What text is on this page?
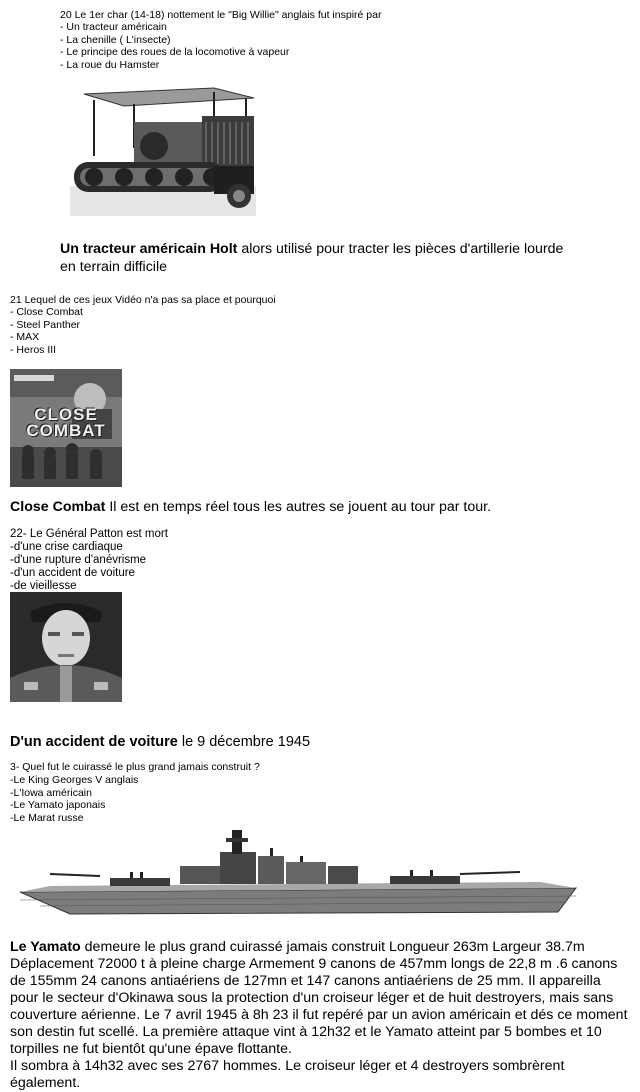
20 Le 1er char (14-18) nottement le "Big Willie" anglais fut inspiré par
- Un tracteur américain
- La chenille ( L'insecte)
- Le principe des roues de la locomotive à vapeur
- La roue du Hamster
Un tracteur américain Holt alors utilisé pour tracter les pièces d'artillerie lourde en terrain difficile
21 Lequel de ces jeux Vidéo n'a pas sa place et pourquoi
- Close Combat
- Steel Panther
- MAX
- Heros III
CLOSE COMBAT
Close Combat Il est en temps réel tous les autres se jouent au tour par tour.
22- Le Général Patton est mort
-d'une crise cardiaque
-d'une rupture d'anévrisme
-d'un accident de voiture
-de vieillesse
D'un accident de voiture le 9 décembre 1945
3- Quel fut le cuirassé le plus grand jamais construit ?
-Le King Georges V anglais
-L'Iowa américain
-Le Yamato japonais
-Le Marat russe
Le Yamato demeure le plus grand cuirassé jamais construit Longueur 263m Largeur 38.7m Déplacement 72000 t à pleine charge Armement 9 canons de 457mm longs de 22,8 m .6 canons de 155mm 24 canons antiaériens de 127mn et 147 canons antiaériens de 25 mm. Il appareilla pour le secteur d'Okinawa sous la protection d'un croiseur léger et de huit destroyers, mais sans couverture aérienne. Le 7 avril 1945 à 8h 23 il fut repéré par un avion américain et dés ce moment son destin fut scellé. La première attaque vint à 12h32 et le Yamato atteint par 5 bombes et 10 torpilles ne fut bientôt qu'une épave flottante.
Il sombra à 14h32 avec ses 2767 hommes. Le croiseur léger et 4 destroyers sombrèrent également.
